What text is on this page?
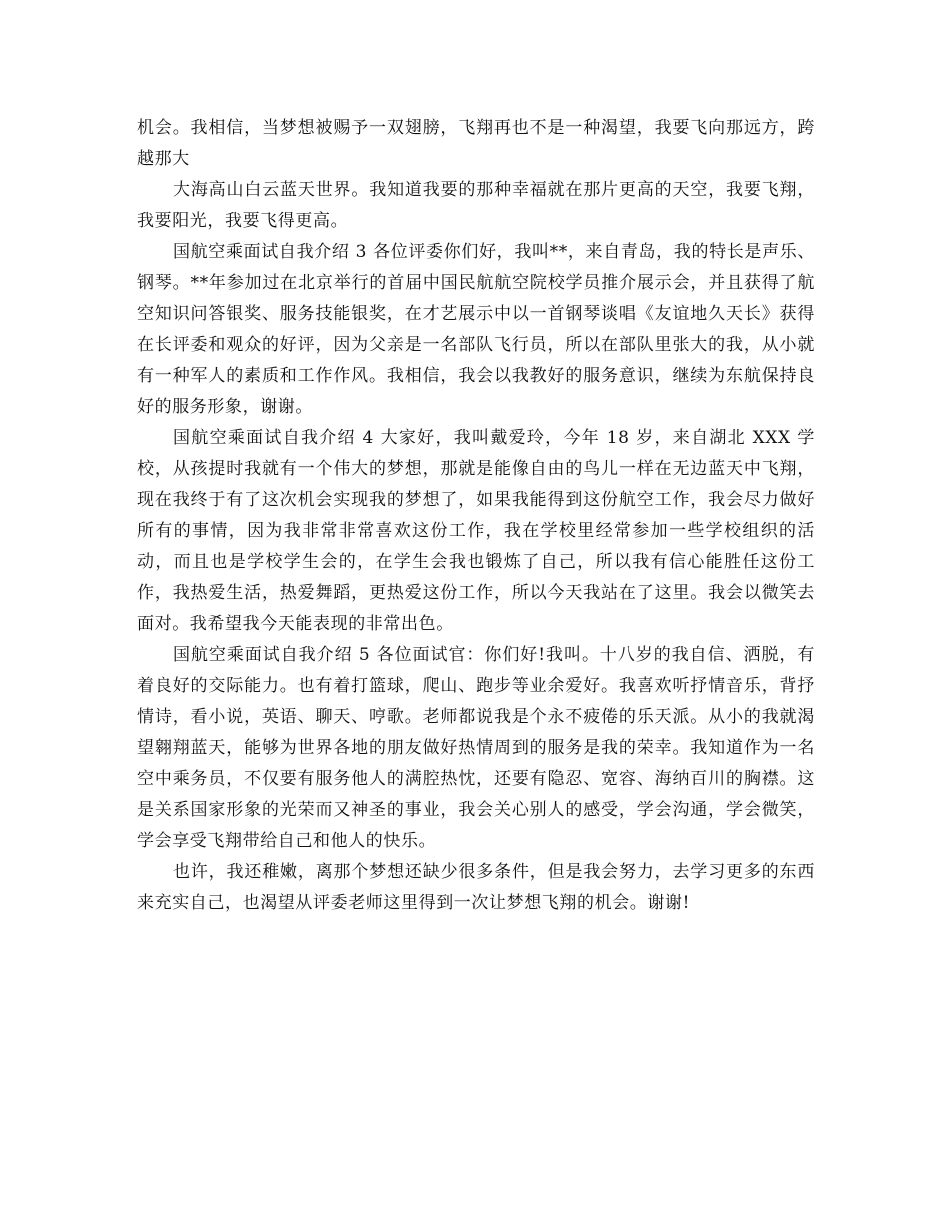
机会。我相信，当梦想被赐予一双翅膀，飞翔再也不是一种渴望，我要飞向那远方，跨越那大

大海高山白云蓝天世界。我知道我要的那种幸福就在那片更高的天空，我要飞翔，我要阳光，我要飞得更高。

国航空乘面试自我介绍 3 各位评委你们好，我叫**，来自青岛，我的特长是声乐、钢琴。**年参加过在北京举行的首届中国民航航空院校学员推介展示会，并且获得了航空知识问答银奖、服务技能银奖，在才艺展示中以一首钢琴谈唱《友谊地久天长》获得在长评委和观众的好评，因为父亲是一名部队飞行员，所以在部队里张大的我，从小就有一种军人的素质和工作作风。我相信，我会以我教好的服务意识，继续为东航保持良好的服务形象，谢谢。

国航空乘面试自我介绍 4 大家好，我叫戴爱玲，今年 18 岁，来自湖北 XXX 学校，从孩提时我就有一个伟大的梦想，那就是能像自由的鸟儿一样在无边蓝天中飞翔，现在我终于有了这次机会实现我的梦想了，如果我能得到这份航空工作，我会尽力做好所有的事情，因为我非常非常喜欢这份工作，我在学校里经常参加一些学校组织的活动，而且也是学校学生会的，在学生会我也锻炼了自己，所以我有信心能胜任这份工作，我热爱生活，热爱舞蹈，更热爱这份工作，所以今天我站在了这里。我会以微笑去面对。我希望我今天能表现的非常出色。

国航空乘面试自我介绍 5 各位面试官：你们好!我叫。十八岁的我自信、洒脱，有着良好的交际能力。也有着打篮球，爬山、跑步等业余爱好。我喜欢听抒情音乐，背抒情诗，看小说，英语、聊天、哼歌。老师都说我是个永不疲倦的乐天派。从小的我就渴望翱翔蓝天，能够为世界各地的朋友做好热情周到的服务是我的荣幸。我知道作为一名空中乘务员，不仅要有服务他人的满腔热忱，还要有隐忍、宽容、海纳百川的胸襟。这是关系国家形象的光荣而又神圣的事业，我会关心别人的感受，学会沟通，学会微笑，学会享受飞翔带给自己和他人的快乐。

也许，我还稚嫩，离那个梦想还缺少很多条件，但是我会努力，去学习更多的东西来充实自己，也渴望从评委老师这里得到一次让梦想飞翔的机会。谢谢!
